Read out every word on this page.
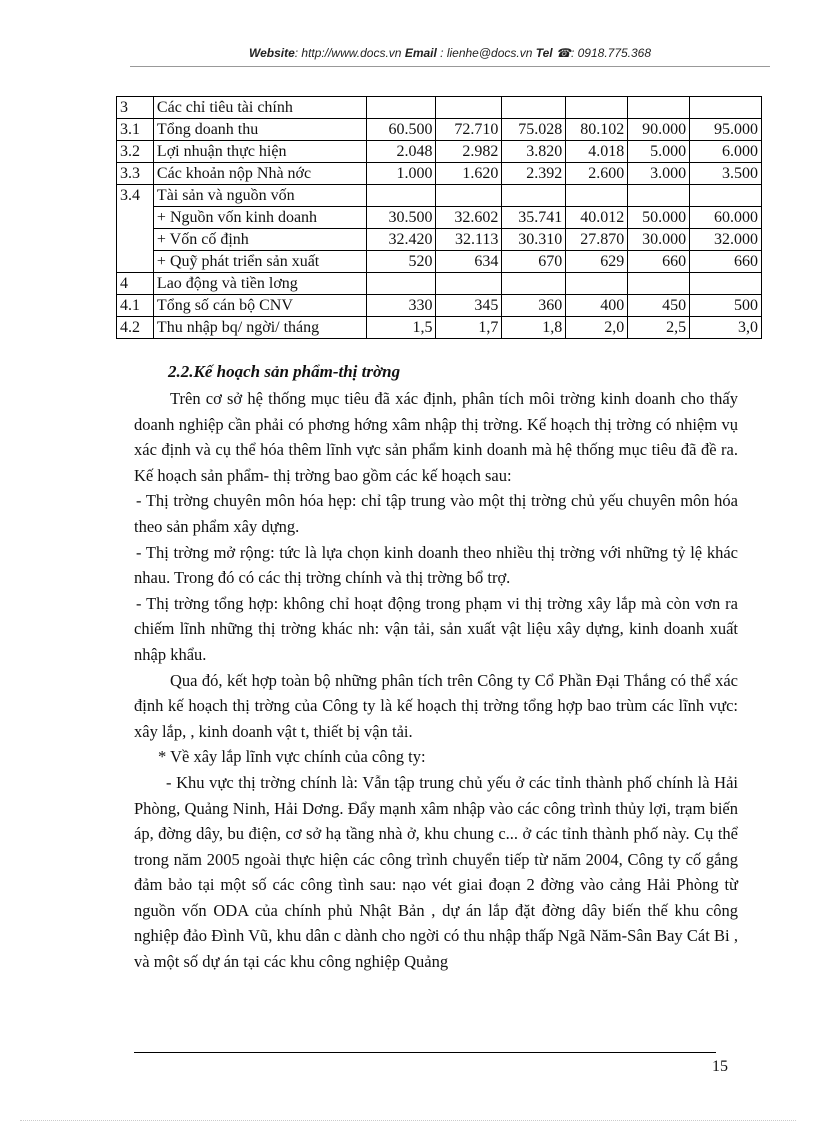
Website: http://www.docs.vn Email : lienhe@docs.vn Tel ☎: 0918.775.368
3	Các chỉ tiêu tài chính						
3.1	Tổng doanh thu	60.500	72.710	75.028	80.102	90.000	95.000
3.2	Lợi nhuận thực hiện	2.048	2.982	3.820	4.018	5.000	6.000
3.3	Các khoản nộp Nhà nớc	1.000	1.620	2.392	2.600	3.000	3.500
3.4	Tài sản và nguồn vốn						
	+ Nguồn vốn kinh doanh	30.500	32.602	35.741	40.012	50.000	60.000
	+ Vốn cố định	32.420	32.113	30.310	27.870	30.000	32.000
	+ Quỹ phát triển sản xuất	520	634	670	629	660	660
4	Lao động và tiền lơng						
4.1	Tổng số cán bộ CNV	330	345	360	400	450	500
4.2	Thu nhập bq/ ngời/ tháng	1,5	1,7	1,8	2,0	2,5	3,0
2.2.Kế hoạch sản phẩm-thị trờng

Trên cơ sở hệ thống mục tiêu đã xác định, phân tích môi trờng kinh doanh cho thấy doanh nghiệp cần phải có phơng hớng xâm nhập thị trờng. Kế hoạch thị trờng có nhiệm vụ xác định và cụ thể hóa thêm lĩnh vực sản phẩm kinh doanh mà hệ thống mục tiêu đã đề ra. Kế hoạch sản phẩm- thị trờng bao gồm các kế hoạch sau:

- Thị trờng chuyên môn hóa hẹp: chỉ tập trung vào một thị trờng chủ yếu chuyên môn hóa theo sản phẩm xây dựng.

- Thị trờng mở rộng: tức là lựa chọn kinh doanh theo nhiều thị trờng với những tỷ lệ khác nhau. Trong đó có các thị trờng chính và thị trờng bổ trợ.

- Thị trờng tổng hợp: không chỉ hoạt động trong phạm vi thị trờng xây lắp mà còn vơn ra chiếm lĩnh những thị trờng khác nh: vận tải, sản xuất vật liệu xây dựng, kinh doanh xuất nhập khẩu.

Qua đó, kết hợp toàn bộ những phân tích trên Công ty Cổ Phần Đại Thắng có thể xác định kế hoạch thị trờng của Công ty là kế hoạch thị trờng tổng hợp bao trùm các lĩnh vực: xây lắp, , kinh doanh vật t, thiết bị vận tải.

* Về xây lắp lĩnh vực chính của công ty:

- Khu vực thị trờng chính là: Vẫn tập trung chủ yếu ở các tỉnh thành phố chính là Hải Phòng, Quảng Ninh, Hải Dơng. Đẩy mạnh xâm nhập vào các công trình thủy lợi, trạm biến áp, đờng dây, bu điện, cơ sở hạ tầng nhà ở, khu chung c... ở các tỉnh thành phố này. Cụ thể trong năm 2005 ngoài thực hiện các công trình chuyển tiếp từ năm 2004, Công ty cố gắng đảm bảo tại một số các công tình sau: nạo vét giai đoạn 2 đờng vào cảng Hải Phòng từ nguồn vốn ODA của chính phủ Nhật Bản , dự án lắp đặt đờng dây biến thế khu công nghiệp đảo Đình Vũ, khu dân c dành cho ngời có thu nhập thấp Ngã Năm-Sân Bay Cát Bi , và một số dự án tại các khu công nghiệp Quảng

15
